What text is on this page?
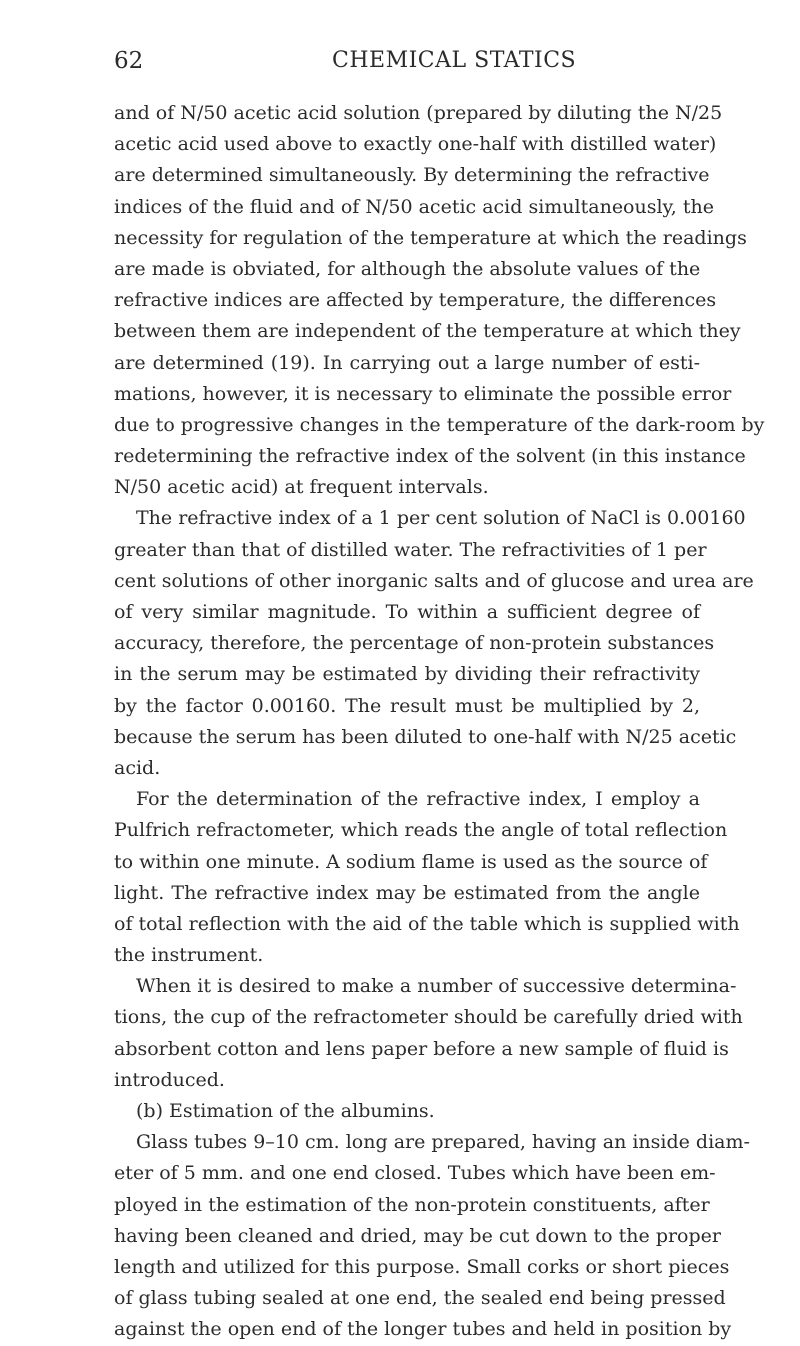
62	CHEMICAL STATICS
and of N/50 acetic acid solution (prepared by diluting the N/25
acetic acid used above to exactly one-half with distilled water)
are determined simultaneously. By determining the refractive
indices of the fluid and of N/50 acetic acid simultaneously, the
necessity for regulation of the temperature at which the readings
are made is obviated, for although the absolute values of the
refractive indices are affected by temperature, the differences
between them are independent of the temperature at which they
are determined (19). In carrying out a large number of esti-
mations, however, it is necessary to eliminate the possible error
due to progressive changes in the temperature of the dark-room by
redetermining the refractive index of the solvent (in this instance
N/50 acetic acid) at frequent intervals.
The refractive index of a 1 per cent solution of NaCl is 0.00160
greater than that of distilled water. The refractivities of 1 per
cent solutions of other inorganic salts and of glucose and urea are
of very similar magnitude. To within a sufficient degree of
accuracy, therefore, the percentage of non-protein substances
in the serum may be estimated by dividing their refractivity
by the factor 0.00160. The result must be multiplied by 2,
because the serum has been diluted to one-half with N/25 acetic
acid.
For the determination of the refractive index, I employ a
Pulfrich refractometer, which reads the angle of total reflection
to within one minute. A sodium flame is used as the source of
light. The refractive index may be estimated from the angle
of total reflection with the aid of the table which is supplied with
the instrument.
When it is desired to make a number of successive determina-
tions, the cup of the refractometer should be carefully dried with
absorbent cotton and lens paper before a new sample of fluid is
introduced.
(b) Estimation of the albumins.
Glass tubes 9–10 cm. long are prepared, having an inside diam-
eter of 5 mm. and one end closed. Tubes which have been em-
ployed in the estimation of the non-protein constituents, after
having been cleaned and dried, may be cut down to the proper
length and utilized for this purpose. Small corks or short pieces
of glass tubing sealed at one end, the sealed end being pressed
against the open end of the longer tubes and held in position by
